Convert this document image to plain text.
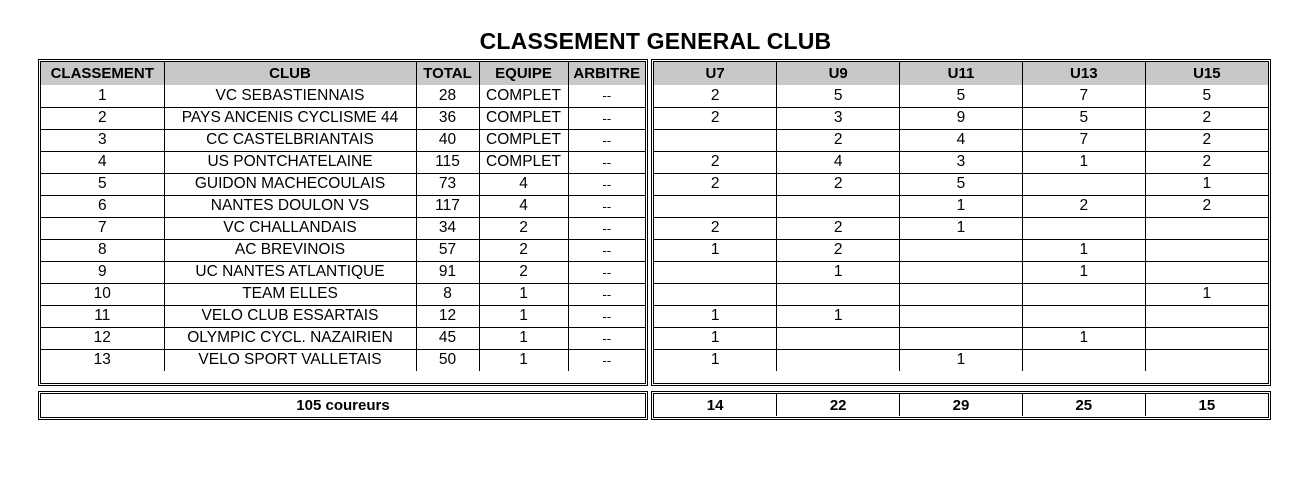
CLASSEMENT GENERAL CLUB
CLASSEMENT	CLUB	TOTAL	EQUIPE	ARBITRE
1	VC SEBASTIENNAIS	28	COMPLET	--
2	PAYS ANCENIS CYCLISME 44	36	COMPLET	--
3	CC CASTELBRIANTAIS	40	COMPLET	--
4	US PONTCHATELAINE	115	COMPLET	--
5	GUIDON MACHECOULAIS	73	4	--
6	NANTES DOULON VS	117	4	--
7	VC CHALLANDAIS	34	2	--
8	AC BREVINOIS	57	2	--
9	UC NANTES ATLANTIQUE	91	2	--
10	TEAM ELLES	8	1	--
11	VELO CLUB ESSARTAIS	12	1	--
12	OLYMPIC CYCL. NAZAIRIEN	45	1	--
13	VELO SPORT VALLETAIS	50	1	--
U7	U9	U11	U13	U15
2	5	5	7	5
2	3	9	5	2
	2	4	7	2
2	4	3	1	2
2	2	5		1
		1	2	2
2	2	1		
1	2		1	
	1		1	
				1
1	1			
1			1	
1		1		
105 coureurs	14	22	29	25	15
